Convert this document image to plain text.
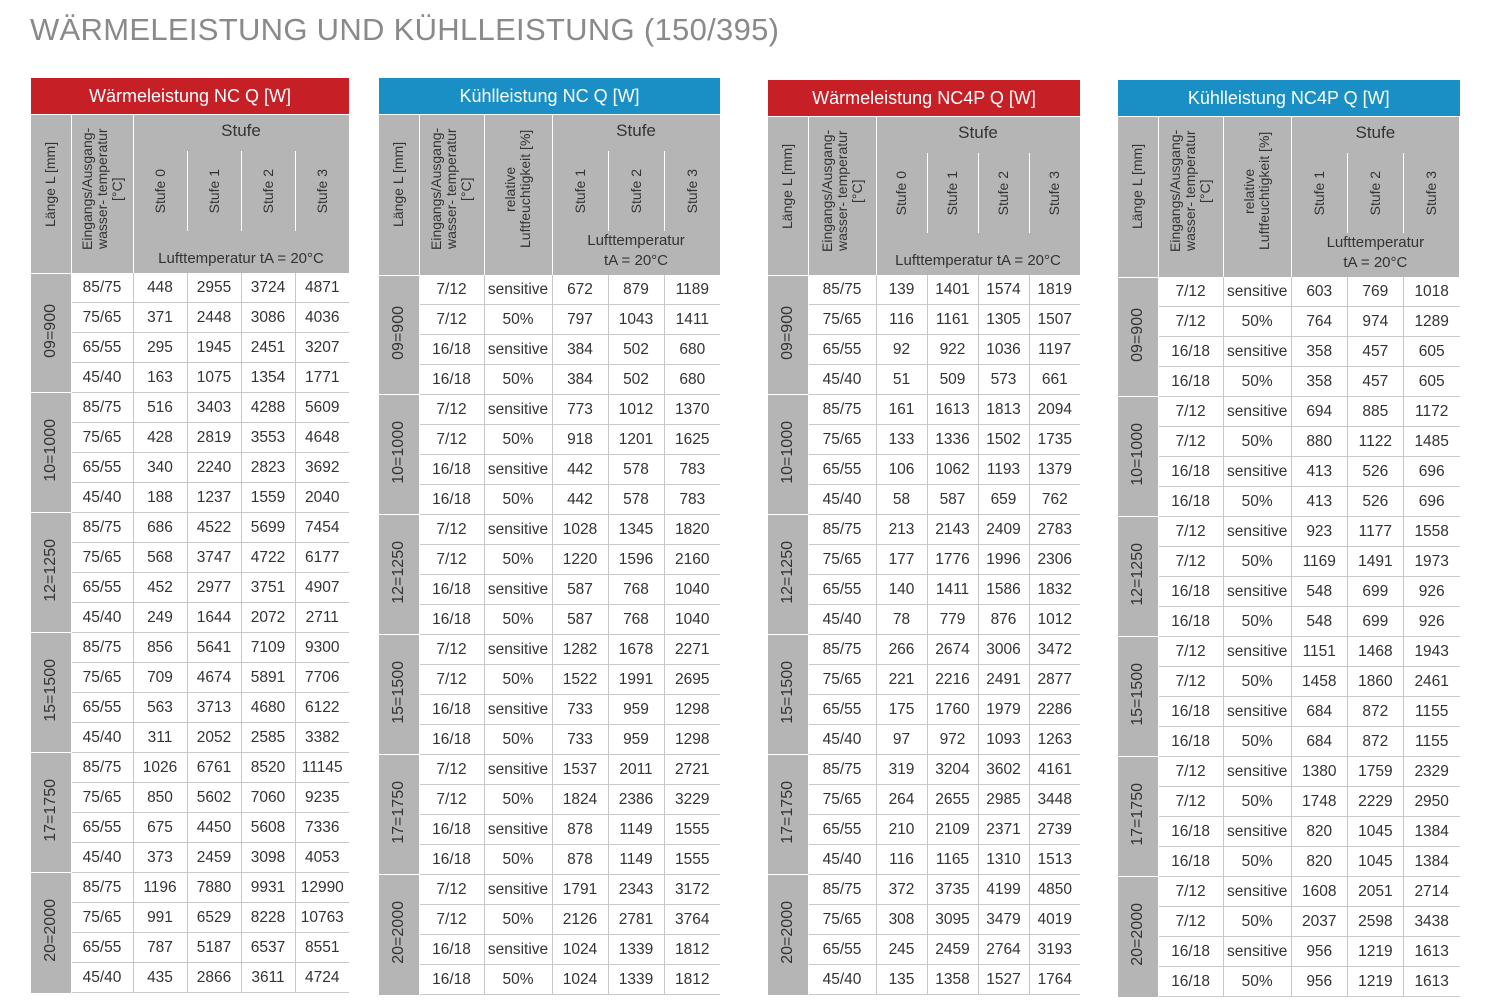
WÄRMELEISTUNG UND KÜHLLEISTUNG (150/395)
Wärmeleistung NC Q [W]					

Länge L [mm]	Eingangs/Ausgang- wasser- temperatur [°C]	Stufe			

		Stufe 0	Stufe 1	Stufe 2	Stufe 3

		Lufttemperatur tA = 20°C			
09=900	85/75	448	2955	3724	4871
	75/65	371	2448	3086	4036
	65/55	295	1945	2451	3207
	45/40	163	1075	1354	1771
10=1000	85/75	516	3403	4288	5609
	75/65	428	2819	3553	4648
	65/55	340	2240	2823	3692
	45/40	188	1237	1559	2040
12=1250	85/75	686	4522	5699	7454
	75/65	568	3747	4722	6177
	65/55	452	2977	3751	4907
	45/40	249	1644	2072	2711
15=1500	85/75	856	5641	7109	9300
	75/65	709	4674	5891	7706
	65/55	563	3713	4680	6122
	45/40	311	2052	2585	3382
17=1750	85/75	1026	6761	8520	11145
	75/65	850	5602	7060	9235
	65/55	675	4450	5608	7336
	45/40	373	2459	3098	4053
20=2000	85/75	1196	7880	9931	12990
	75/65	991	6529	8228	10763
	65/55	787	5187	6537	8551
	45/40	435	2866	3611	4724
Kühlleistung NC Q [W]					

Länge L [mm]	Eingangs/Ausgang- wasser- temperatur [°C]	relative Luftfeuchtigkeit [%]	Stufe		

			Stufe 1	Stufe 2	Stufe 3

			Lufttemperatur
tA = 20°C		

09=900	7/12	sensitive	672	879	1189
	7/12	50%	797	1043	1411
	16/18	sensitive	384	502	680
	16/18	50%	384	502	680
10=1000	7/12	sensitive	773	1012	1370
	7/12	50%	918	1201	1625
	16/18	sensitive	442	578	783
	16/18	50%	442	578	783
12=1250	7/12	sensitive	1028	1345	1820
	7/12	50%	1220	1596	2160
	16/18	sensitive	587	768	1040
	16/18	50%	587	768	1040
15=1500	7/12	sensitive	1282	1678	2271
	7/12	50%	1522	1991	2695
	16/18	sensitive	733	959	1298
	16/18	50%	733	959	1298
17=1750	7/12	sensitive	1537	2011	2721
	7/12	50%	1824	2386	3229
	16/18	sensitive	878	1149	1555
	16/18	50%	878	1149	1555
20=2000	7/12	sensitive	1791	2343	3172
	7/12	50%	2126	2781	3764
	16/18	sensitive	1024	1339	1812
	16/18	50%	1024	1339	1812
Wärmeleistung NC4P Q [W]					

Länge L [mm]	Eingangs/Ausgang- wasser- temperatur [°C]	Stufe			

		Stufe 0	Stufe 1	Stufe 2	Stufe 3

		Lufttemperatur tA = 20°C			
09=900	85/75	139	1401	1574	1819
	75/65	116	1161	1305	1507
	65/55	92	922	1036	1197
	45/40	51	509	573	661
10=1000	85/75	161	1613	1813	2094
	75/65	133	1336	1502	1735
	65/55	106	1062	1193	1379
	45/40	58	587	659	762
12=1250	85/75	213	2143	2409	2783
	75/65	177	1776	1996	2306
	65/55	140	1411	1586	1832
	45/40	78	779	876	1012
15=1500	85/75	266	2674	3006	3472
	75/65	221	2216	2491	2877
	65/55	175	1760	1979	2286
	45/40	97	972	1093	1263
17=1750	85/75	319	3204	3602	4161
	75/65	264	2655	2985	3448
	65/55	210	2109	2371	2739
	45/40	116	1165	1310	1513
20=2000	85/75	372	3735	4199	4850
	75/65	308	3095	3479	4019
	65/55	245	2459	2764	3193
	45/40	135	1358	1527	1764
Kühlleistung NC4P Q [W]					

Länge L [mm]	Eingangs/Ausgang- wasser- temperatur [°C]	relative Luftfeuchtigkeit [%]	Stufe		

			Stufe 1	Stufe 2	Stufe 3

			Lufttemperatur
tA = 20°C		

09=900	7/12	sensitive	603	769	1018
	7/12	50%	764	974	1289
	16/18	sensitive	358	457	605
	16/18	50%	358	457	605
10=1000	7/12	sensitive	694	885	1172
	7/12	50%	880	1122	1485
	16/18	sensitive	413	526	696
	16/18	50%	413	526	696
12=1250	7/12	sensitive	923	1177	1558
	7/12	50%	1169	1491	1973
	16/18	sensitive	548	699	926
	16/18	50%	548	699	926
15=1500	7/12	sensitive	1151	1468	1943
	7/12	50%	1458	1860	2461
	16/18	sensitive	684	872	1155
	16/18	50%	684	872	1155
17=1750	7/12	sensitive	1380	1759	2329
	7/12	50%	1748	2229	2950
	16/18	sensitive	820	1045	1384
	16/18	50%	820	1045	1384
20=2000	7/12	sensitive	1608	2051	2714
	7/12	50%	2037	2598	3438
	16/18	sensitive	956	1219	1613
	16/18	50%	956	1219	1613
